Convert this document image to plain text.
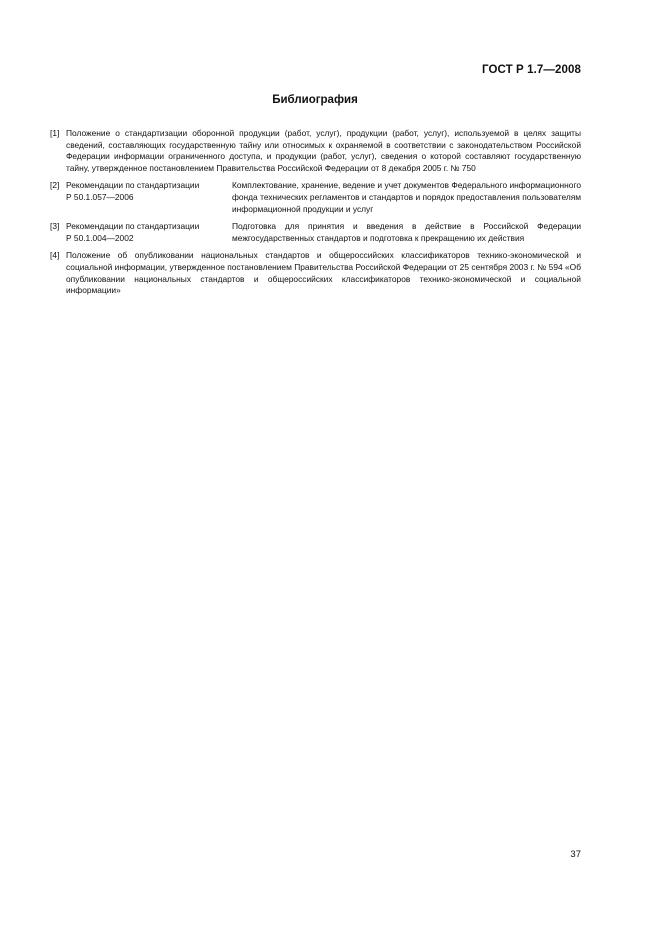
ГОСТ Р 1.7—2008
Библиография
[1] Положение о стандартизации оборонной продукции (работ, услуг), продукции (работ, услуг), используемой в целях защиты сведений, составляющих государственную тайну или относимых к охраняемой в соответствии с законодательством Российской Федерации информации ограниченного доступа, и продукции (работ, услуг), сведения о которой составляют государственную тайну, утвержденное постановлением Правительства Российской Федерации от 8 декабря 2005 г. № 750
[2] Рекомендации по стандартизации
Р 50.1.057—2006
Комплектование, хранение, ведение и учет документов Федерального информационного фонда технических регламентов и стандартов и порядок предоставления пользователям информационной продукции и услуг
[3] Рекомендации по стандартизации
Р 50.1.004—2002
Подготовка для принятия и введения в действие в Российской Федерации межгосударственных стандартов и подготовка к прекращению их действия
[4] Положение об опубликовании национальных стандартов и общероссийских классификаторов технико-экономической и социальной информации, утвержденное постановлением Правительства Российской Федерации от 25 сентября 2003 г. № 594 «Об опубликовании национальных стандартов и общероссийских классификаторов технико-экономической и социальной информации»
37
